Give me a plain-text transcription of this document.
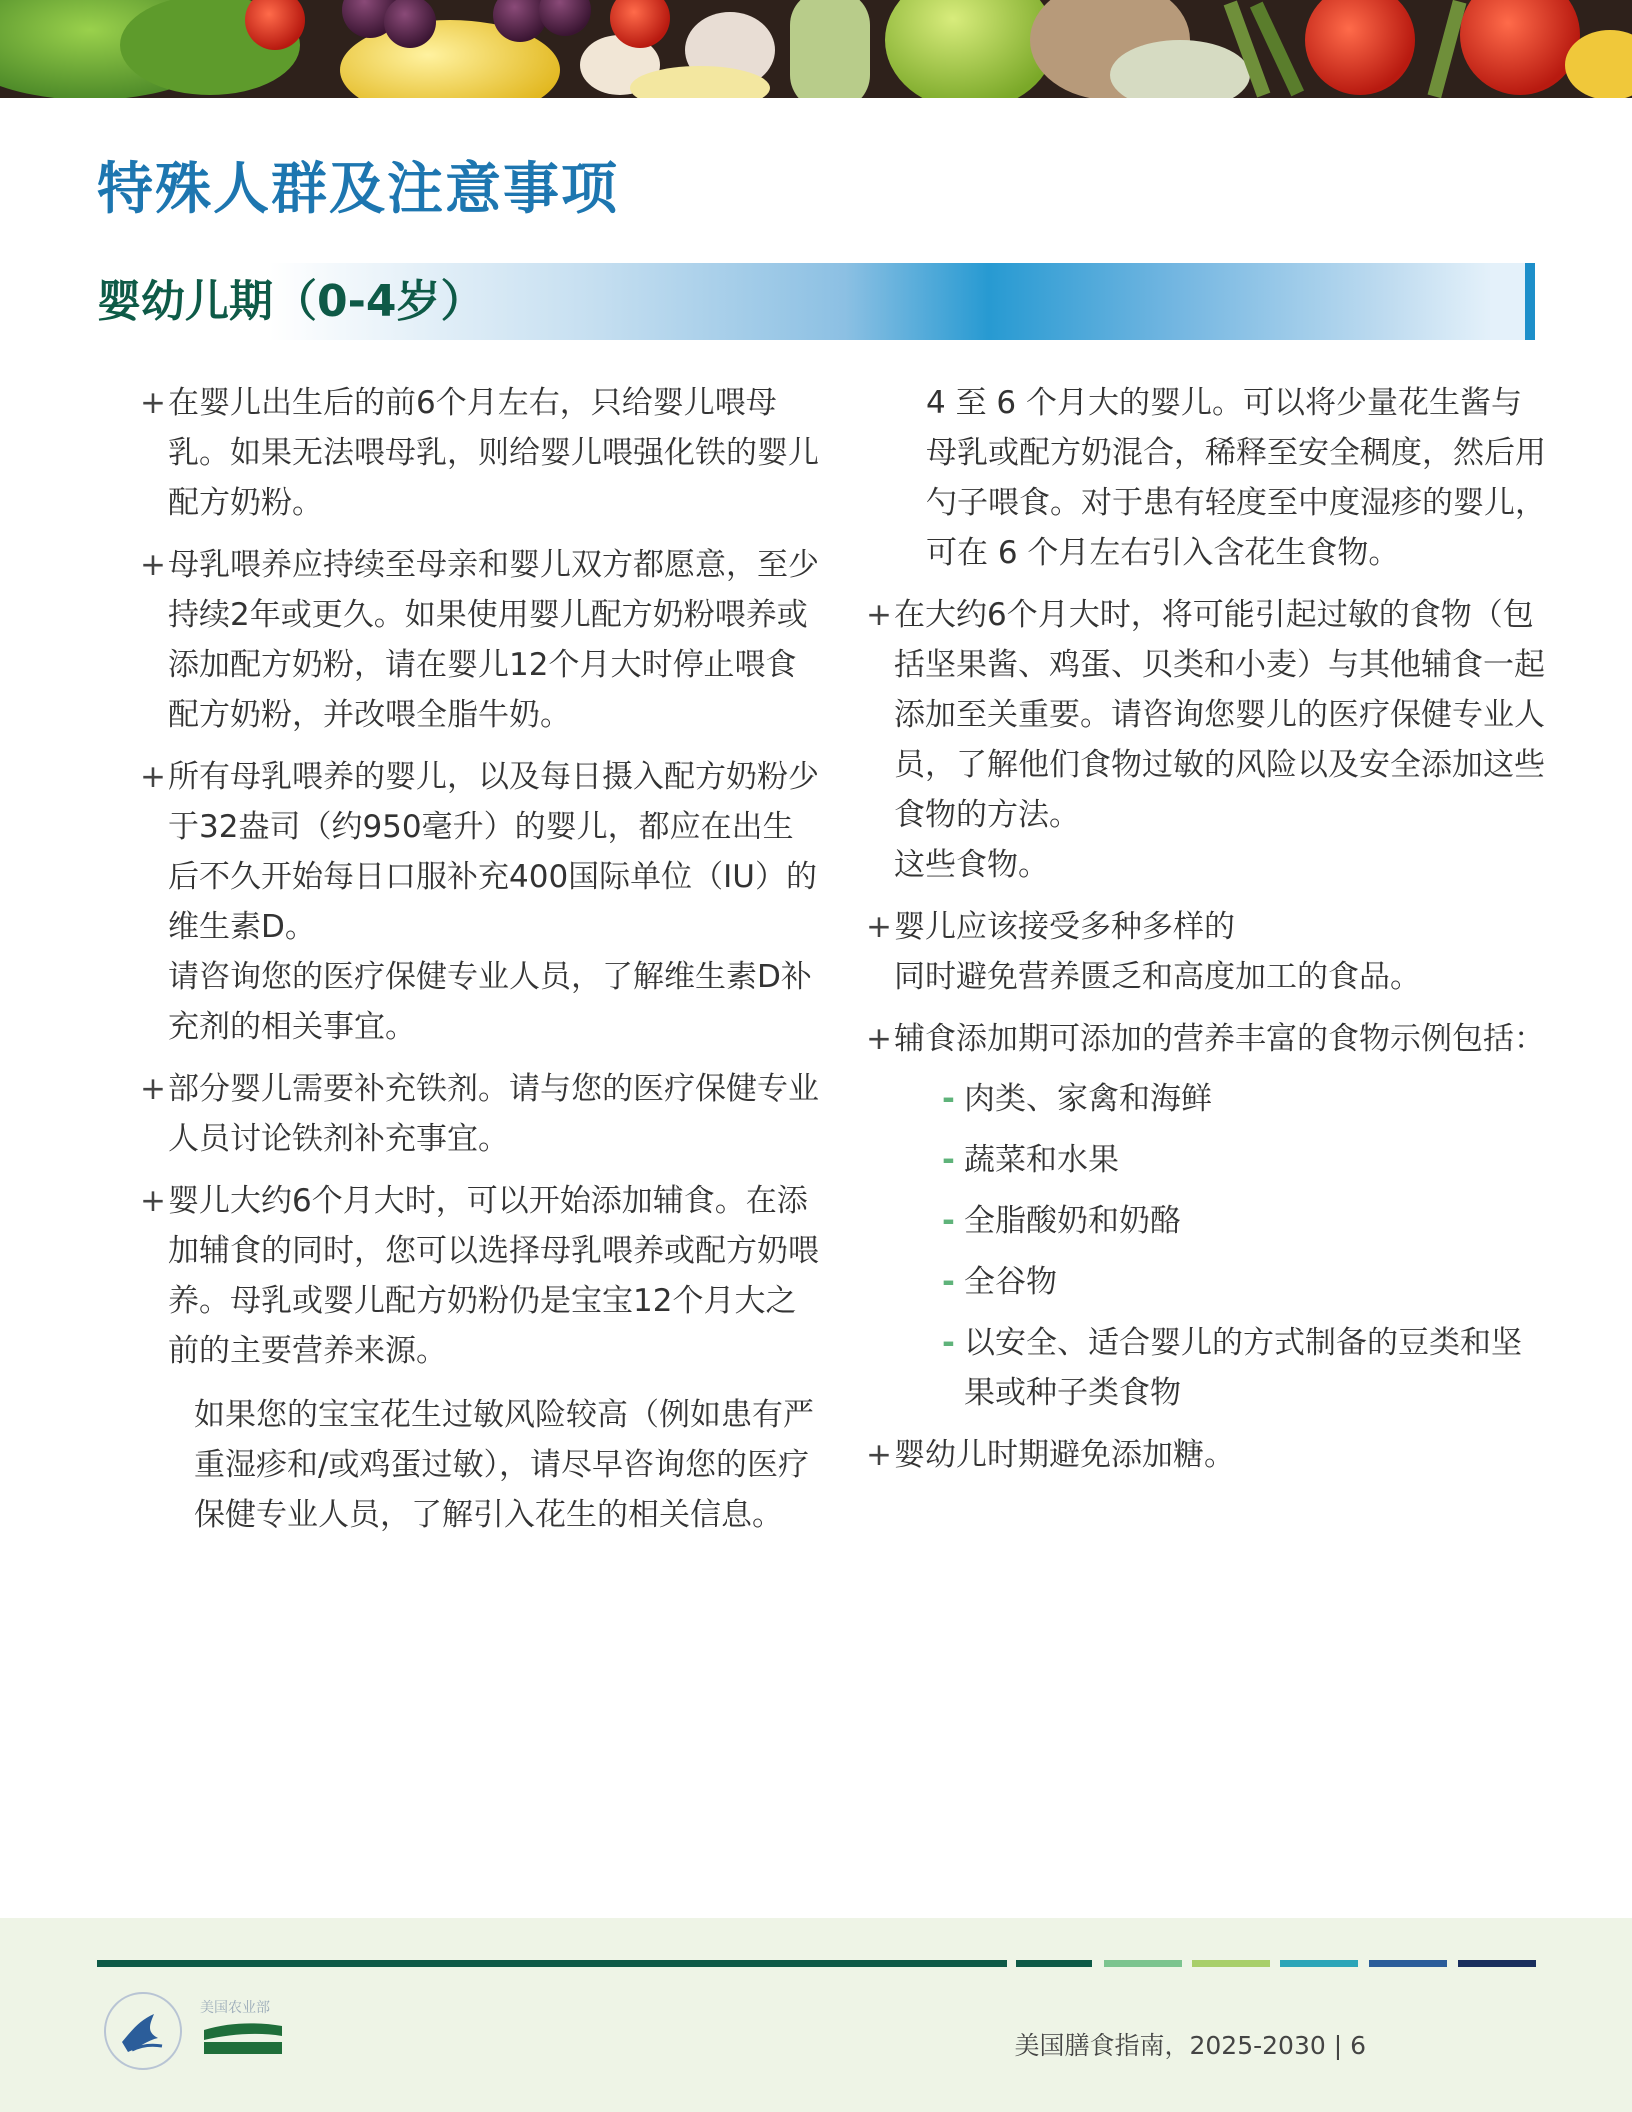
特殊人群及注意事项
婴幼儿期（0-4岁）
+ 在婴儿出生后的前6个月左右，只给婴儿喂母乳。如果无法喂母乳，则给婴儿喂强化铁的婴儿配方奶粉。

+ 母乳喂养应持续至母亲和婴儿双方都愿意，至少持续2年或更久。如果使用婴儿配方奶粉喂养或添加配方奶粉，请在婴儿12个月大时停止喂食配方奶粉，并改喂全脂牛奶。

+ 所有母乳喂养的婴儿，以及每日摄入配方奶粉少于32盎司（约950毫升）的婴儿，都应在出生后不久开始每日口服补充400国际单位（IU）的维生素D。

请咨询您的医疗保健专业人员，了解维生素D补充剂的相关事宜。

+ 部分婴儿需要补充铁剂。请与您的医疗保健专业人员讨论铁剂补充事宜。

+ 婴儿大约6个月大时，可以开始添加辅食。在添加辅食的同时，您可以选择母乳喂养或配方奶喂养。母乳或婴儿配方奶粉仍是宝宝12个月大之前的主要营养来源。

如果您的宝宝花生过敏风险较高（例如患有严重湿疹和/或鸡蛋过敏），请尽早咨询您的医疗保健专业人员，了解引入花生的相关信息。
4 至 6 个月大的婴儿。可以将少量花生酱与母乳或配方奶混合，稀释至安全稠度，然后用勺子喂食。对于患有轻度至中度湿疹的婴儿，可在 6 个月左右引入含花生食物。
+ 在大约6个月大时，将可能引起过敏的食物（包括坚果酱、鸡蛋、贝类和小麦）与其他辅食一起添加至关重要。请咨询您婴儿的医疗保健专业人员，了解他们食物过敏的风险以及安全添加这些食物的方法。

这些食物。

+ 婴儿应该接受多种多样的

同时避免营养匮乏和高度加工的食品。

+ 辅食添加期可添加的营养丰富的食物示例包括：

- 肉类、家禽和海鲜
- 蔬菜和水果
- 全脂酸奶和奶酪
- 全谷物
- 以安全、适合婴儿的方式制备的豆类和坚果或种子类食物
+ 婴幼儿时期避免添加糖。

美国农业部
美国膳食指南，2025-2030 | 6
